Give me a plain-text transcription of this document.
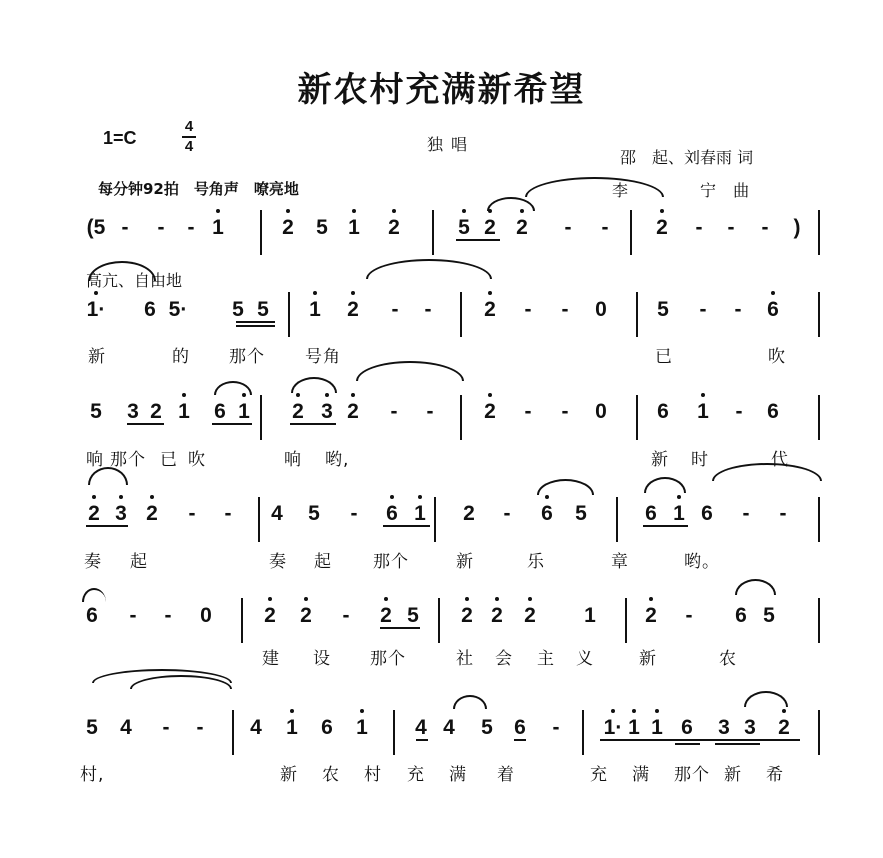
新农村充满新希望
1=C
4
4	独唱
邵　起、刘春雨 词
每分钟92拍　号角声　嘹亮地	李　　　宁 曲
高亢、自由地
(5 - - - 1	2 5 1 2	5 2 2 - - 2 - - - )
1· 6 5· 5 5 1 2 - -	2 - - 0 5 - - 6
新	的 那个 号角	已	吹
5 3 2 1 6 1 2 3 2 - - 2 - - 0 6 1 - 6
响 那个 已 吹	响 哟,	新 时	代
2 3 2 - - 4 5 - 6 1 2 - 6 5	6 1 6 - -
奏 起	奏 起 那个	新	乐	章	哟。
6 - - 0 2 2 - 2 5 2 2 2 1 2 - 6 5
建 设 那个	社 会 主 义	新	农
5 4 - - 4 1 6 1 4 4 5 6 - 1· 1 1 6 3 3 2
村,	新 农 村 充 满 着	充 满 那个 新 希
